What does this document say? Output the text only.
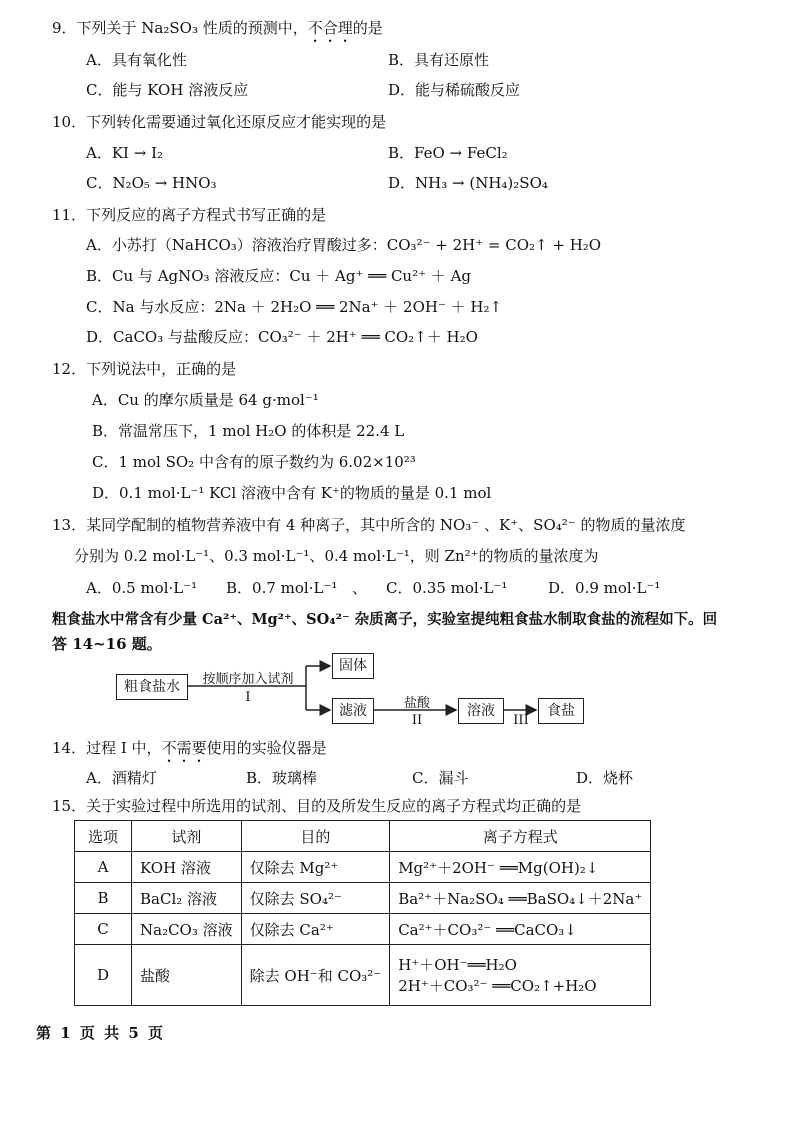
9．下列关于 Na₂SO₃ 性质的预测中，不合理的是
A．具有氧化性	B．具有还原性
C．能与 KOH 溶液反应	D．能与稀硫酸反应
10．下列转化需要通过氧化还原反应才能实现的是
A．KI → I₂	B．FeO → FeCl₂
C．N₂O₅ → HNO₃	D．NH₃ → (NH₄)₂SO₄
11．下列反应的离子方程式书写正确的是
A．小苏打（NaHCO₃）溶液治疗胃酸过多：CO₃²⁻ + 2H⁺ = CO₂↑ + H₂O
B．Cu 与 AgNO₃ 溶液反应：Cu ＋ Ag⁺ ══ Cu²⁺ ＋ Ag
C．Na 与水反应：2Na ＋ 2H₂O ══ 2Na⁺ ＋ 2OH⁻ ＋ H₂↑
D．CaCO₃ 与盐酸反应：CO₃²⁻ ＋ 2H⁺ ══ CO₂↑＋ H₂O
12．下列说法中，正确的是
A．Cu 的摩尔质量是 64 g·mol⁻¹
B．常温常压下，1 mol H₂O 的体积是 22.4 L
C．1 mol SO₂ 中含有的原子数约为 6.02×10²³
D．0.1 mol·L⁻¹ KCl 溶液中含有 K⁺的物质的量是 0.1 mol
13．某同学配制的植物营养液中有 4 种离子，其中所含的 NO₃⁻ 、K⁺、SO₄²⁻ 的物质的量浓度
分别为 0.2 mol·L⁻¹、0.3 mol·L⁻¹、0.4 mol·L⁻¹，则 Zn²⁺的物质的量浓度为
A．0.5 mol·L⁻¹ B．0.7 mol·L⁻¹ 、 C．0.35 mol·L⁻¹	D．0.9 mol·L⁻¹
粗食盐水中常含有少量 Ca²⁺、Mg²⁺、SO₄²⁻ 杂质离子，实验室提纯粗食盐水制取食盐的流程如下。回
答 14~16 题。
粗食盐水	按顺序加入试剂
I
固体
滤液	盐酸
II
溶液
III
食盐
14．过程 I 中，不需要使用的实验仪器是
A．酒精灯	B．玻璃棒	C．漏斗	D．烧杯
15．关于实验过程中所选用的试剂、目的及所发生反应的离子方程式均正确的是
选项	试剂	目的	离子方程式
A	KOH 溶液	仅除去 Mg²⁺	Mg²⁺＋2OH⁻ ══Mg(OH)₂↓
B	BaCl₂ 溶液	仅除去 SO₄²⁻	Ba²⁺＋Na₂SO₄ ══BaSO₄↓＋2Na⁺
C	Na₂CO₃ 溶液	仅除去 Ca²⁺	Ca²⁺＋CO₃²⁻ ══CaCO₃↓
D	盐酸	除去 OH⁻和 CO₃²⁻	H⁺＋OH⁻══H₂O
2H⁺＋CO₃²⁻ ══CO₂↑+H₂O
第 1 页 共 5 页
